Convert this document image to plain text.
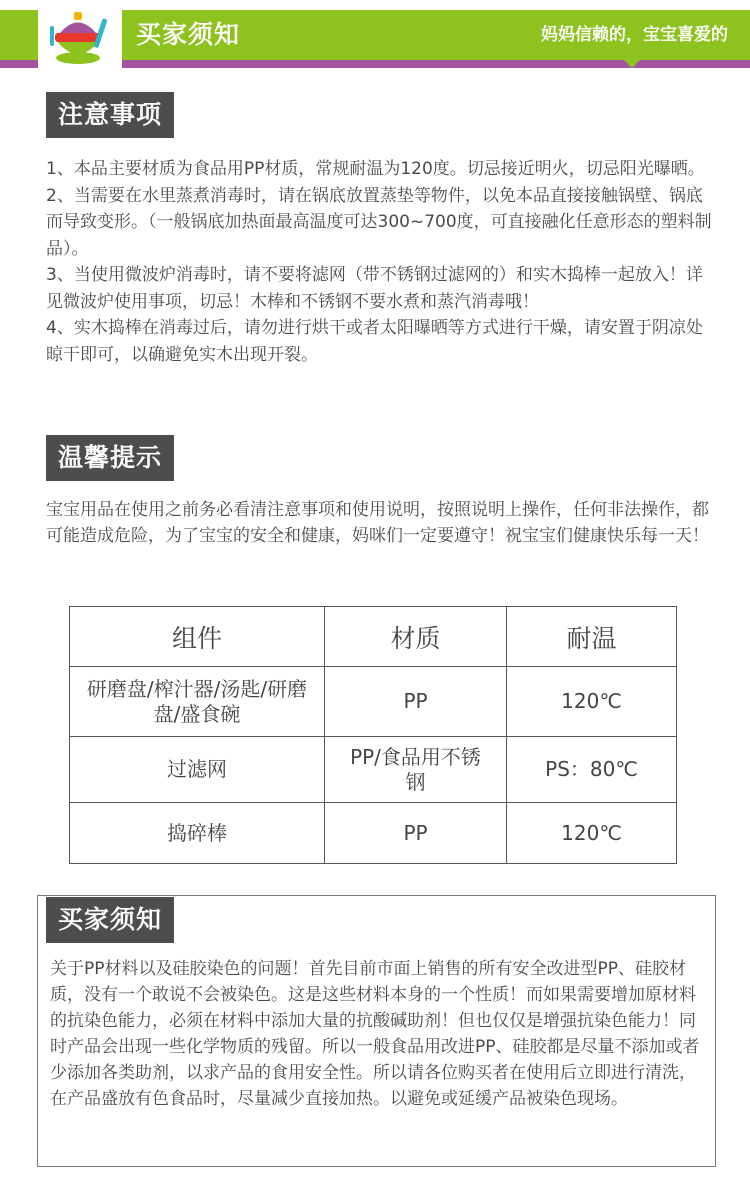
买家须知	妈妈信赖的，宝宝喜爱的
注意事项

1、本品主要材质为食品用PP材质，常规耐温为120度。切忌接近明火，切忌阳光曝晒。

2、当需要在水里蒸煮消毒时，请在锅底放置蒸垫等物件，以免本品直接接触锅壁、锅底而导致变形。（一般锅底加热面最高温度可达300~700度，可直接融化任意形态的塑料制品）。

3、当使用微波炉消毒时，请不要将滤网（带不锈钢过滤网的）和实木捣棒一起放入！详见微波炉使用事项，切忌！木棒和不锈钢不要水煮和蒸汽消毒哦！

4、实木捣棒在消毒过后，请勿进行烘干或者太阳曝晒等方式进行干燥，请安置于阴凉处晾干即可，以确避免实木出现开裂。

温馨提示

宝宝用品在使用之前务必看清注意事项和使用说明，按照说明上操作，任何非法操作，都可能造成危险，为了宝宝的安全和健康，妈咪们一定要遵守！祝宝宝们健康快乐每一天！

组件	材质	耐温
研磨盘/榨汁器/汤匙/研磨盘/盛食碗	PP	120℃
过滤网	PP/食品用不锈钢	PS：80℃
捣碎棒	PP	120℃
买家须知

关于PP材料以及硅胶染色的问题！首先目前市面上销售的所有安全改进型PP、硅胶材质，没有一个敢说不会被染色。这是这些材料本身的一个性质！而如果需要增加原材料的抗染色能力，必须在材料中添加大量的抗酸碱助剂！但也仅仅是增强抗染色能力！同时产品会出现一些化学物质的残留。所以一般食品用改进PP、硅胶都是尽量不添加或者少添加各类助剂，以求产品的食用安全性。所以请各位购买者在使用后立即进行清洗，在产品盛放有色食品时，尽量减少直接加热。以避免或延缓产品被染色现场。
